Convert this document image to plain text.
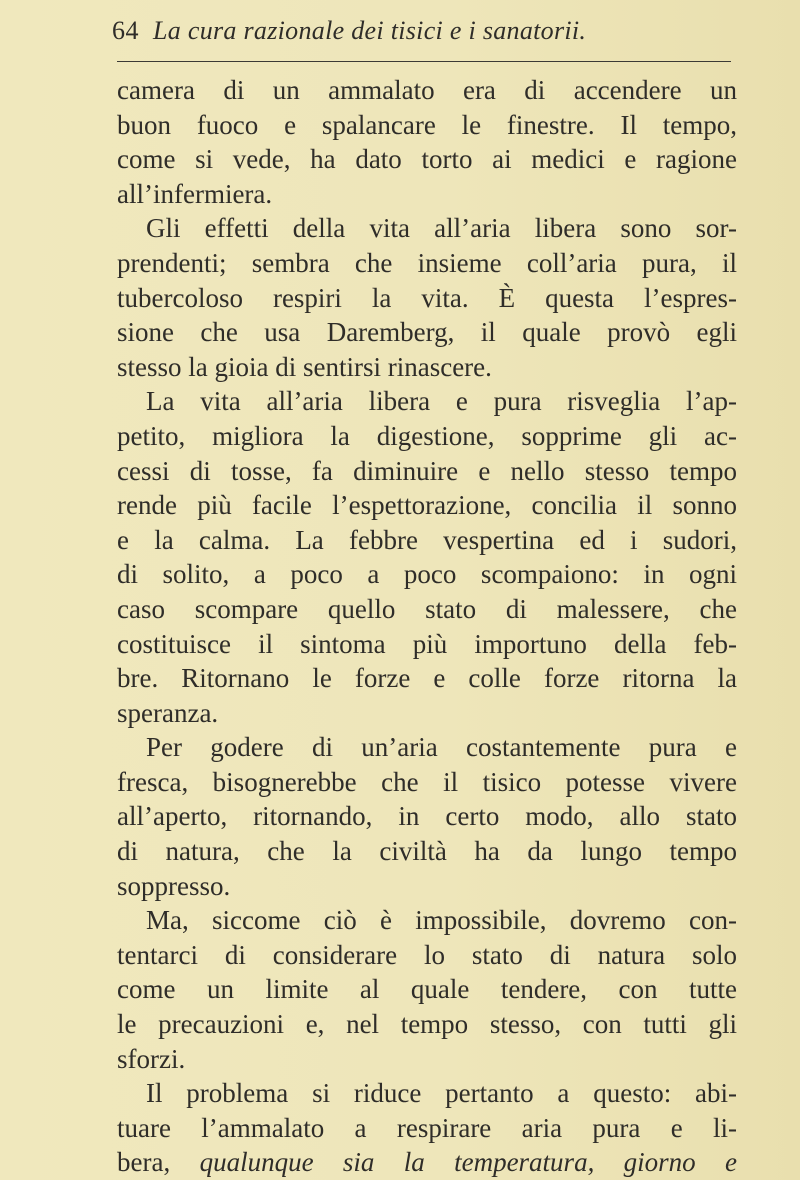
64 La cura razionale dei tisici e i sanatorii.
camera di un ammalato era di accendere un
buon fuoco e spalancare le finestre. Il tempo,
come si vede, ha dato torto ai medici e ragione
all’infermiera.
Gli effetti della vita all’aria libera sono sor-
prendenti; sembra che insieme coll’aria pura, il
tubercoloso respiri la vita. È questa l’espres-
sione che usa Daremberg, il quale provò egli
stesso la gioia di sentirsi rinascere.
La vita all’aria libera e pura risveglia l’ap-
petito, migliora la digestione, sopprime gli ac-
cessi di tosse, fa diminuire e nello stesso tempo
rende più facile l’espettorazione, concilia il sonno
e la calma. La febbre vespertina ed i sudori,
di solito, a poco a poco scompaiono: in ogni
caso scompare quello stato di malessere, che
costituisce il sintoma più importuno della feb-
bre. Ritornano le forze e colle forze ritorna la
speranza.
Per godere di un’aria costantemente pura e
fresca, bisognerebbe che il tisico potesse vivere
all’aperto, ritornando, in certo modo, allo stato
di natura, che la civiltà ha da lungo tempo
soppresso.
Ma, siccome ciò è impossibile, dovremo con-
tentarci di considerare lo stato di natura solo
come un limite al quale tendere, con tutte
le precauzioni e, nel tempo stesso, con tutti gli
sforzi.
Il problema si riduce pertanto a questo: abi-
tuare l’ammalato a respirare aria pura e li-
bera, qualunque sia la temperatura, giorno e
